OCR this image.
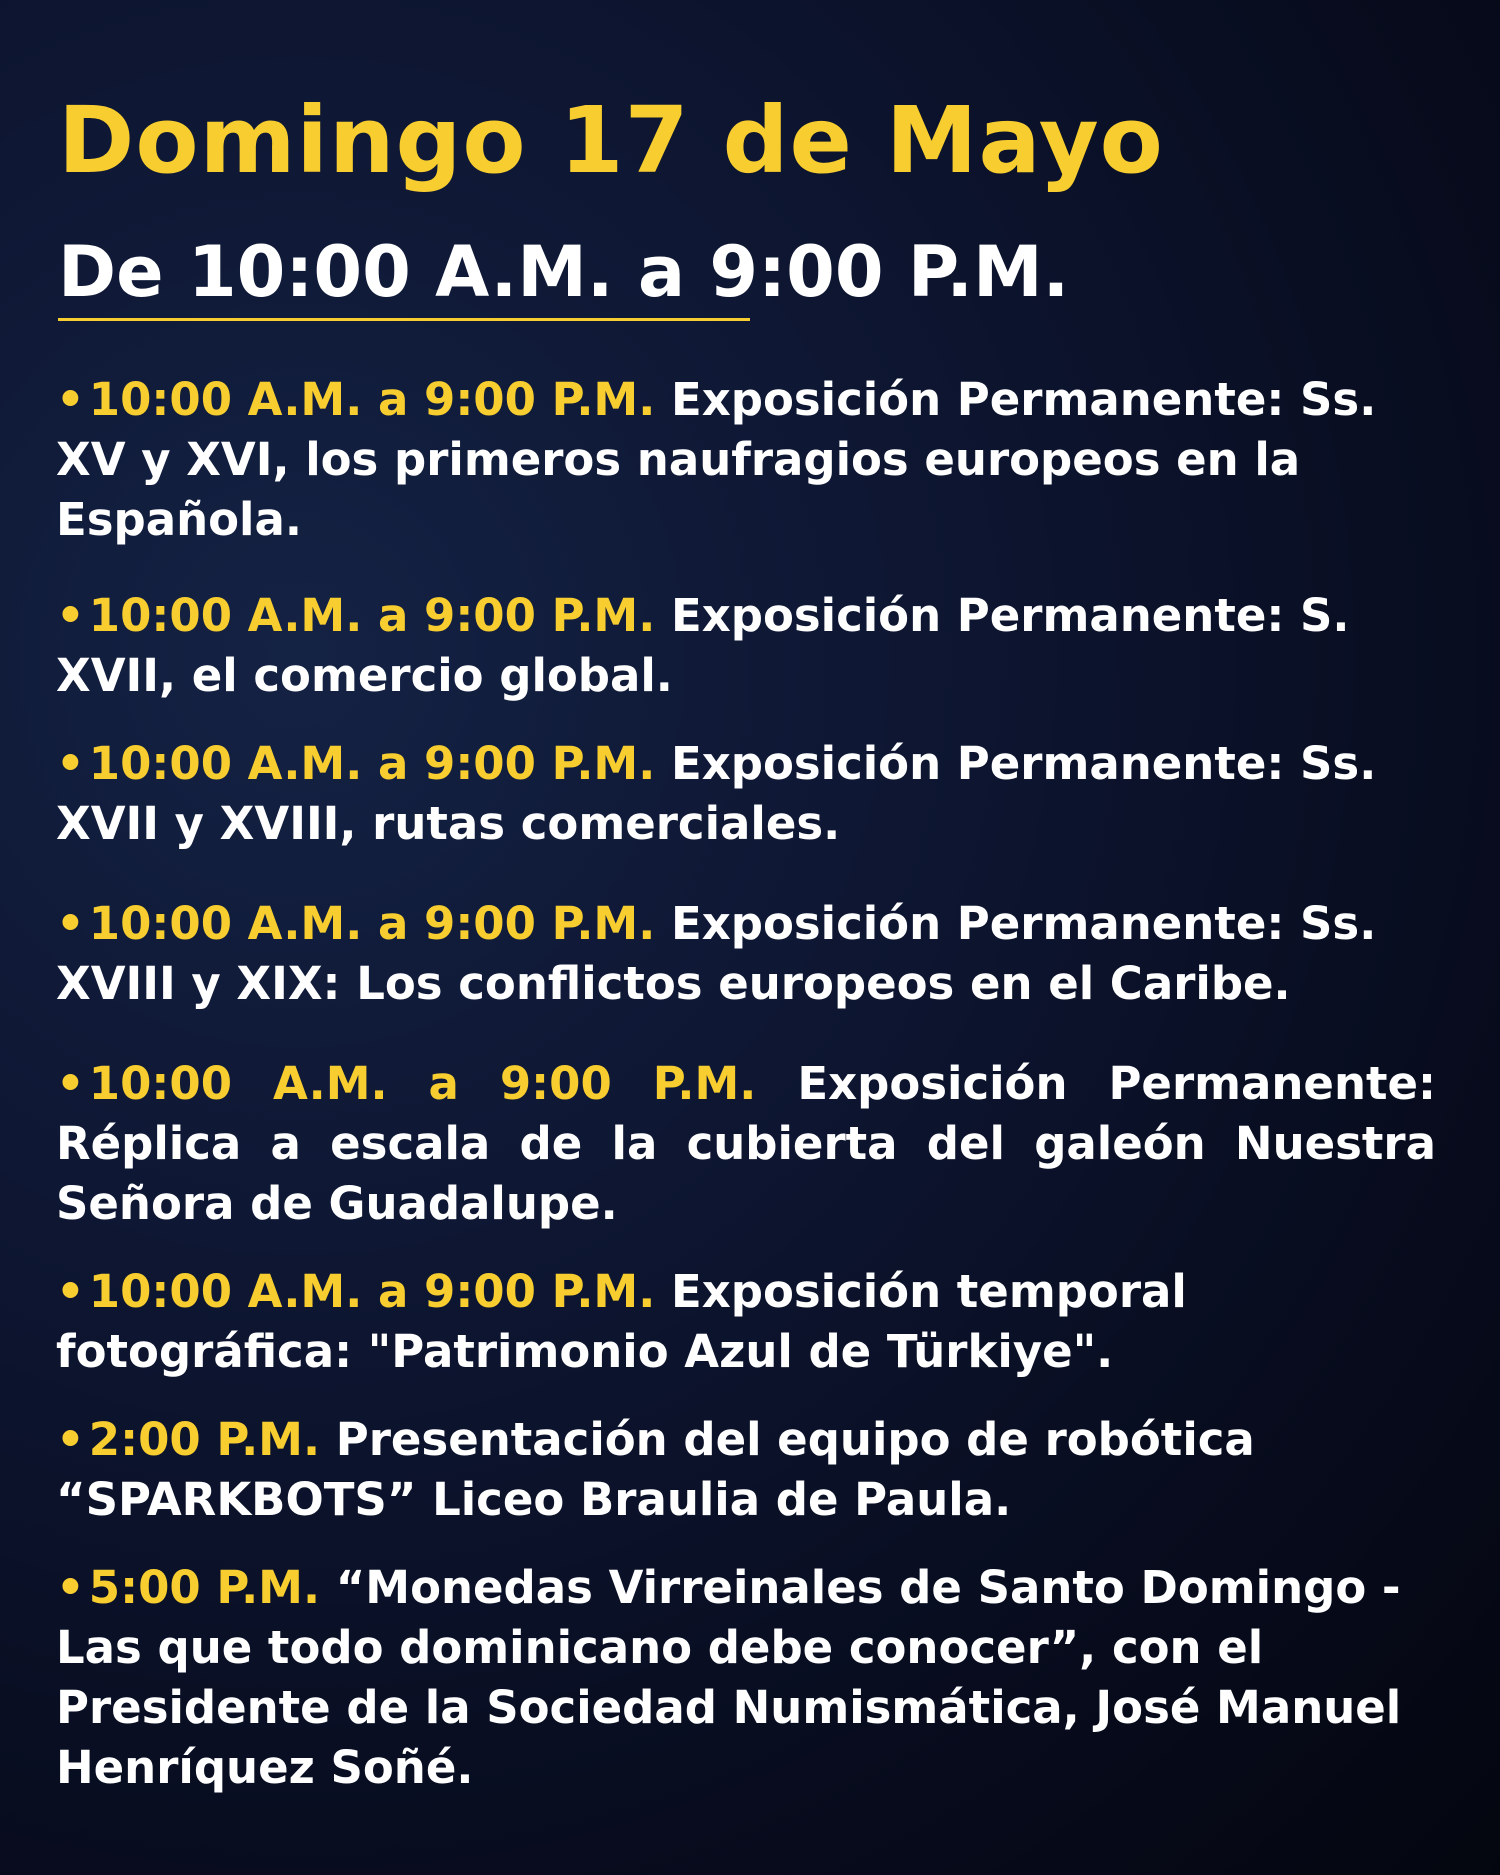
Domingo 17 de Mayo
De 10:00 A.M. a 9:00 P.M.
•10:00 A.M. a 9:00 P.M. Exposición Permanente: Ss. XV y XVI, los primeros naufragios europeos en la Española.
•10:00 A.M. a 9:00 P.M. Exposición Permanente: S. XVII, el comercio global.
•10:00 A.M. a 9:00 P.M. Exposición Permanente: Ss. XVII y XVIII, rutas comerciales.
•10:00 A.M. a 9:00 P.M. Exposición Permanente: Ss. XVIII y XIX: Los conflictos europeos en el Caribe.
•10:00 A.M. a 9:00 P.M. Exposición Permanente: Réplica a escala de la cubierta del galeón Nuestra Señora de Guadalupe.
•10:00 A.M. a 9:00 P.M. Exposición temporal fotográfica: "Patrimonio Azul de Türkiye".
•2:00 P.M. Presentación del equipo de robótica “SPARKBOTS” Liceo Braulia de Paula.
•5:00 P.M. “Monedas Virreinales de Santo Domingo - Las que todo dominicano debe conocer”, con el Presidente de la Sociedad Numismática, José Manuel Henríquez Soñé.
